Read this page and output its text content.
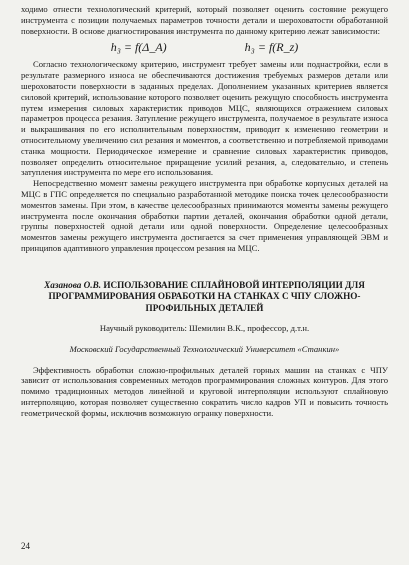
ходимо отнести технологический критерий, который позволяет оценить состояние режущего инструмента с позиции получаемых параметров точности детали и шероховатости обработанной поверхности. В основе диагностирования инструмента по данному критерию лежат зависимости:

h₃ = f(Δ_A)	h₃ = f(R_z)

Согласно технологическому критерию, инструмент требует замены или поднастройки, если в результате размерного износа не обеспечиваются достижения требуемых размеров детали или шероховатости поверхности в заданных пределах. Дополнением указанных критериев является силовой критерий, использование которого позволяет оценить режущую способность инструмента путем измерения силовых характеристик приводов МЦС, являющихся отражением силовых параметров процесса резания. Затупление режущего инструмента, получаемое в результате износа и выкрашивания по его исполнительным поверхностям, приводит к изменению геометрии и относительному увеличению сил резания и моментов, а соответственно и потребляемой приводами станка мощности. Периодическое измерение и сравнение силовых характеристик приводов, позволяет определить относительное приращение усилий резания, а, следовательно, и степень затупления инструмента по мере его использования.

Непосредственно момент замены режущего инструмента при обработке корпусных деталей на МЦС в ГПС определяется по специально разработанной методике поиска точек целесообразности моментов замены. При этом, в качестве целесообразных принимаются моменты замены режущего инструмента после окончания обработки партии деталей, окончания обработки одной детали, группы поверхностей одной детали или одной поверхности. Определение целесообразных моментов замены режущего инструмента достигается за счет применения управляющей ЭВМ и принципов адаптивного управления процессом резания на МЦС.

Хазанова О.В. ИСПОЛЬЗОВАНИЕ СПЛАЙНОВОЙ ИНТЕРПОЛЯЦИИ ДЛЯ ПРОГРАММИРОВАНИЯ ОБРАБОТКИ НА СТАНКАХ С ЧПУ СЛОЖНО-ПРОФИЛЬНЫХ ДЕТАЛЕЙ
Научный руководитель: Шемилин В.К., профессор, д.т.н.
Московский Государственный Технологический Университет «Станкин»

Эффективность обработки сложно-профильных деталей горных машин на станках с ЧПУ зависит от использования современных методов программирования сложных контуров. Для этого помимо традиционных методов линейной и круговой интерполяции используют сплайновую интерполяцию, которая позволяет существенно сократить число кадров УП и повысить точность геометрической формы, исключив возможную огранку поверхности.

24
